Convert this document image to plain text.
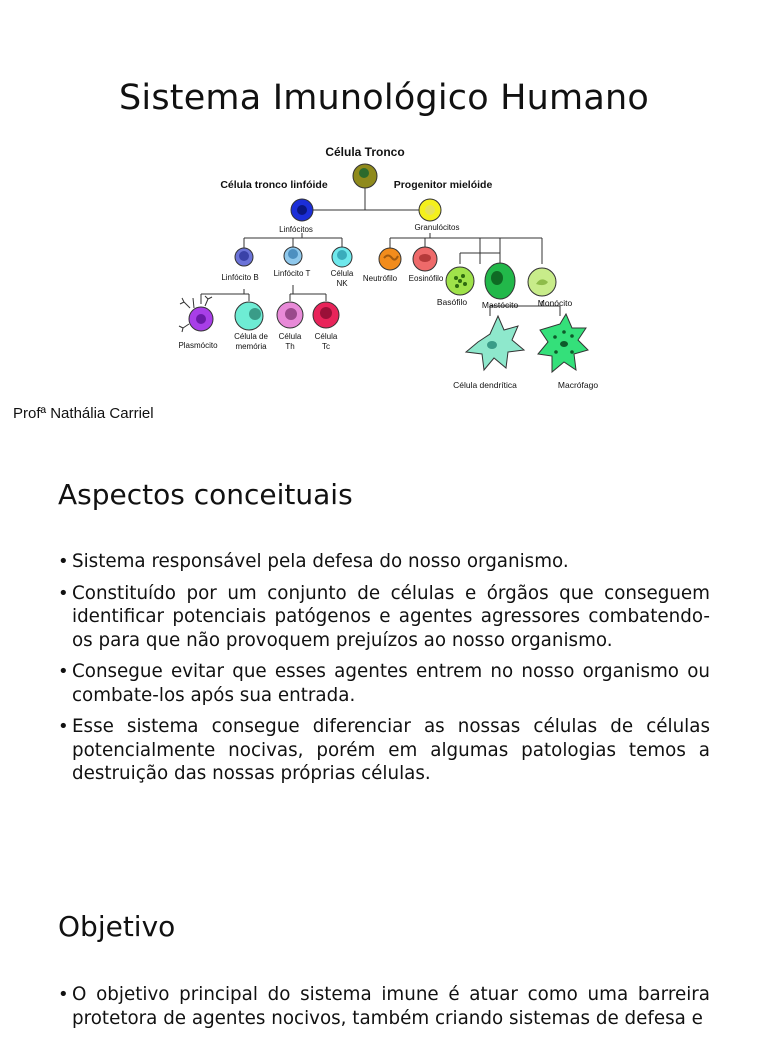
Sistema Imunológico Humano
Célula Tronco
Célula tronco linfóide	Progenitor mielóide
Linfócitos	Granulócitos
Linfócito B Linfócito T	Célula
NK
Neutrófilo Eosinófilo
Basófilo Mastócito Monócito
Plasmócito
Célula de
memória
Célula
Th
Célula
Tc
Célula dendrítica	Macrófago
Profª Nathália Carriel
Aspectos conceituais
• Sistema responsável pela defesa do nosso organismo.
• Constituído por um conjunto de células e órgãos que conseguem identificar potenciais patógenos e agentes agressores combatendo-os para que não provoquem prejuízos ao nosso organismo.
• Consegue evitar que esses agentes entrem no nosso organismo ou combate-los após sua entrada.
• Esse sistema consegue diferenciar as nossas células de células potencialmente nocivas, porém em algumas patologias temos a destruição das nossas próprias células.
Objetivo
• O objetivo principal do sistema imune é atuar como uma barreira protetora de agentes nocivos, também criando sistemas de defesa e
